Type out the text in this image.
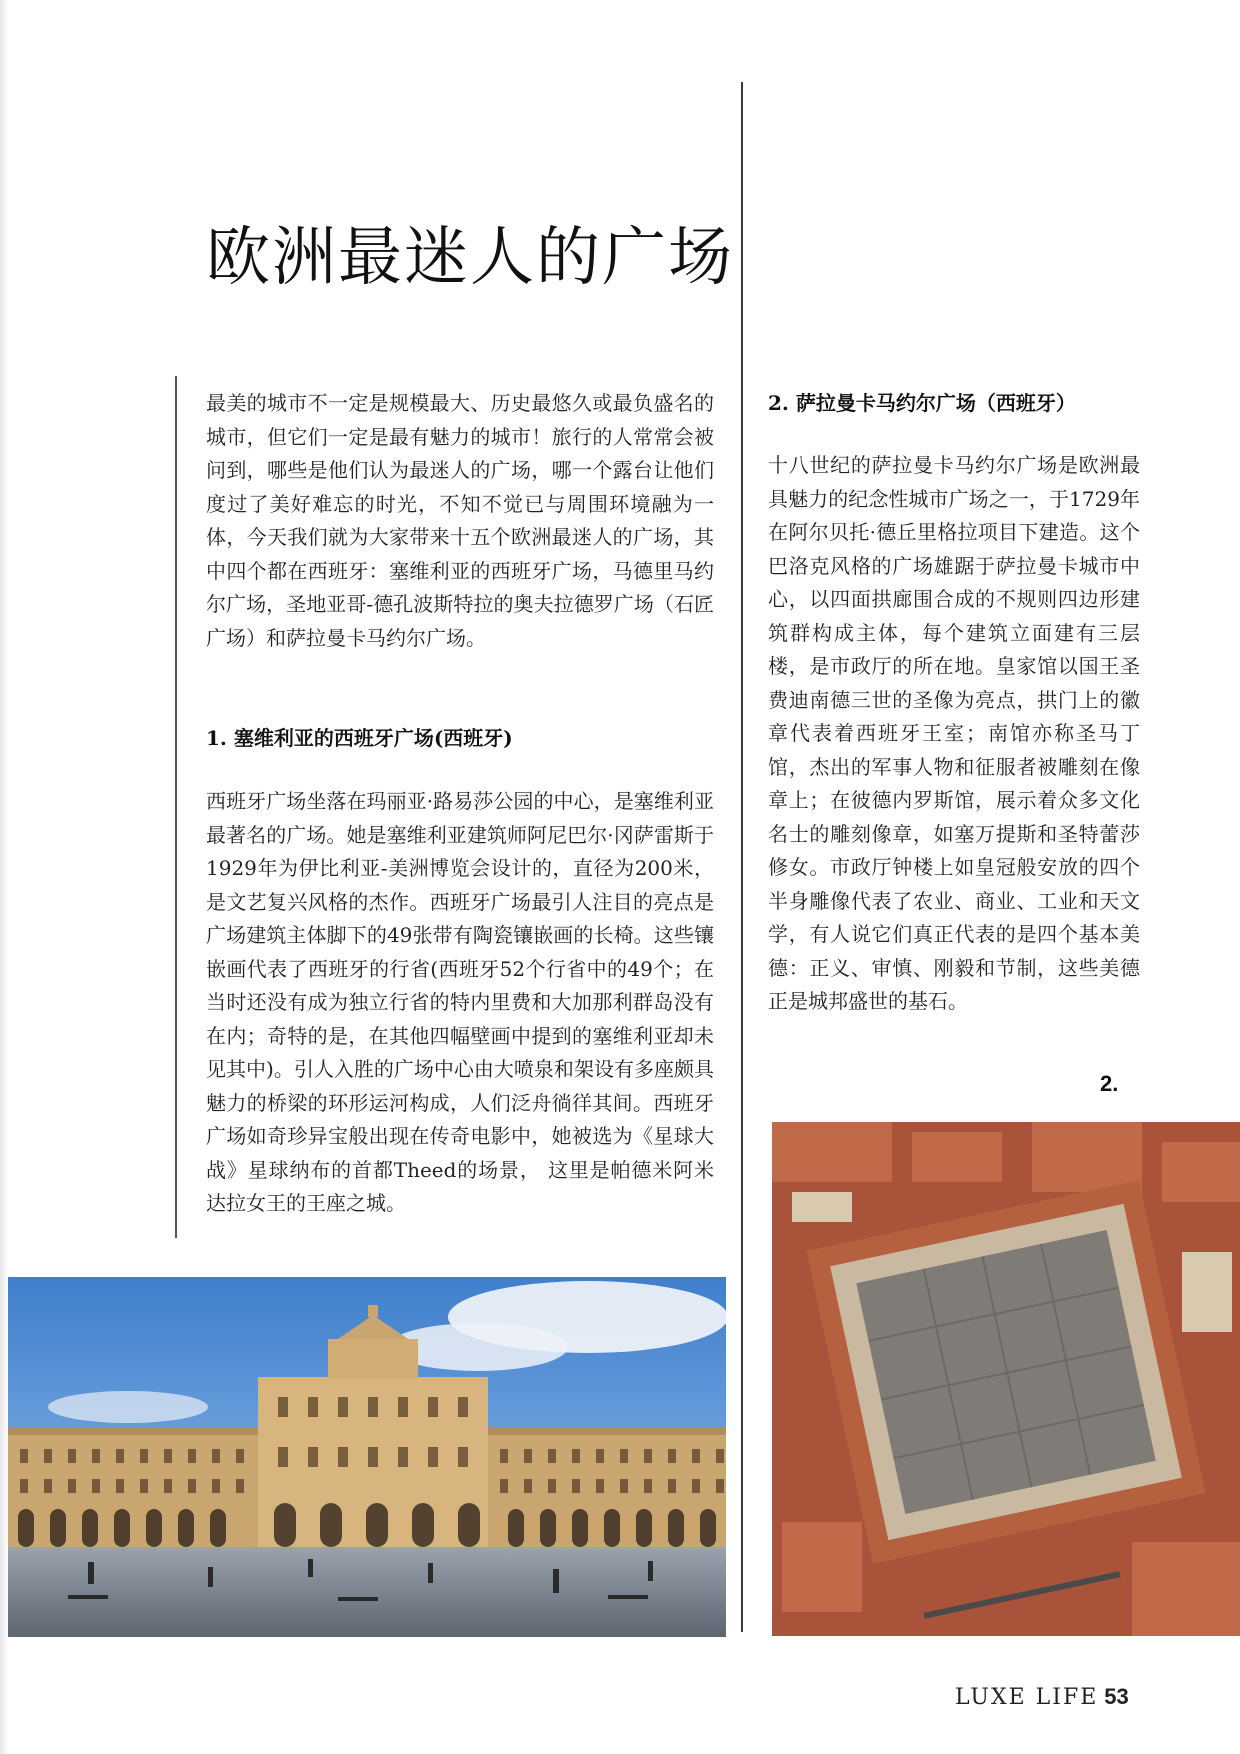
欧洲最迷人的广场

最美的城市不一定是规模最大、历史最悠久或最负盛名的城市，但它们一定是最有魅力的城市！旅行的人常常会被问到，哪些是他们认为最迷人的广场，哪一个露台让他们度过了美好难忘的时光，不知不觉已与周围环境融为一体，今天我们就为大家带来十五个欧洲最迷人的广场，其中四个都在西班牙：塞维利亚的西班牙广场，马德里马约尔广场，圣地亚哥-德孔波斯特拉的奥夫拉德罗广场（石匠广场）和萨拉曼卡马约尔广场。

1. 塞维利亚的西班牙广场(西班牙)

西班牙广场坐落在玛丽亚·路易莎公园的中心，是塞维利亚最著名的广场。她是塞维利亚建筑师阿尼巴尔·冈萨雷斯于1929年为伊比利亚-美洲博览会设计的，直径为200米，是文艺复兴风格的杰作。西班牙广场最引人注目的亮点是广场建筑主体脚下的49张带有陶瓷镶嵌画的长椅。这些镶嵌画代表了西班牙的行省(西班牙52个行省中的49个；在当时还没有成为独立行省的特内里费和大加那利群岛没有在内；奇特的是，在其他四幅壁画中提到的塞维利亚却未见其中)。引人入胜的广场中心由大喷泉和架设有多座颇具魅力的桥梁的环形运河构成，人们泛舟徜徉其间。西班牙广场如奇珍异宝般出现在传奇电影中，她被选为《星球大战》星球纳布的首都Theed的场景， 这里是帕德米阿米达拉女王的王座之城。

2. 萨拉曼卡马约尔广场（西班牙）

十八世纪的萨拉曼卡马约尔广场是欧洲最具魅力的纪念性城市广场之一，于1729年在阿尔贝托·德丘里格拉项目下建造。这个巴洛克风格的广场雄踞于萨拉曼卡城市中心，以四面拱廊围合成的不规则四边形建筑群构成主体，每个建筑立面建有三层楼，是市政厅的所在地。皇家馆以国王圣费迪南德三世的圣像为亮点，拱门上的徽章代表着西班牙王室；南馆亦称圣马丁馆，杰出的军事人物和征服者被雕刻在像章上；在彼德内罗斯馆，展示着众多文化名士的雕刻像章，如塞万提斯和圣特蕾莎修女。市政厅钟楼上如皇冠般安放的四个半身雕像代表了农业、商业、工业和天文学，有人说它们真正代表的是四个基本美德：正义、审慎、刚毅和节制，这些美德正是城邦盛世的基石。

2.
LUXE LIFE 53
